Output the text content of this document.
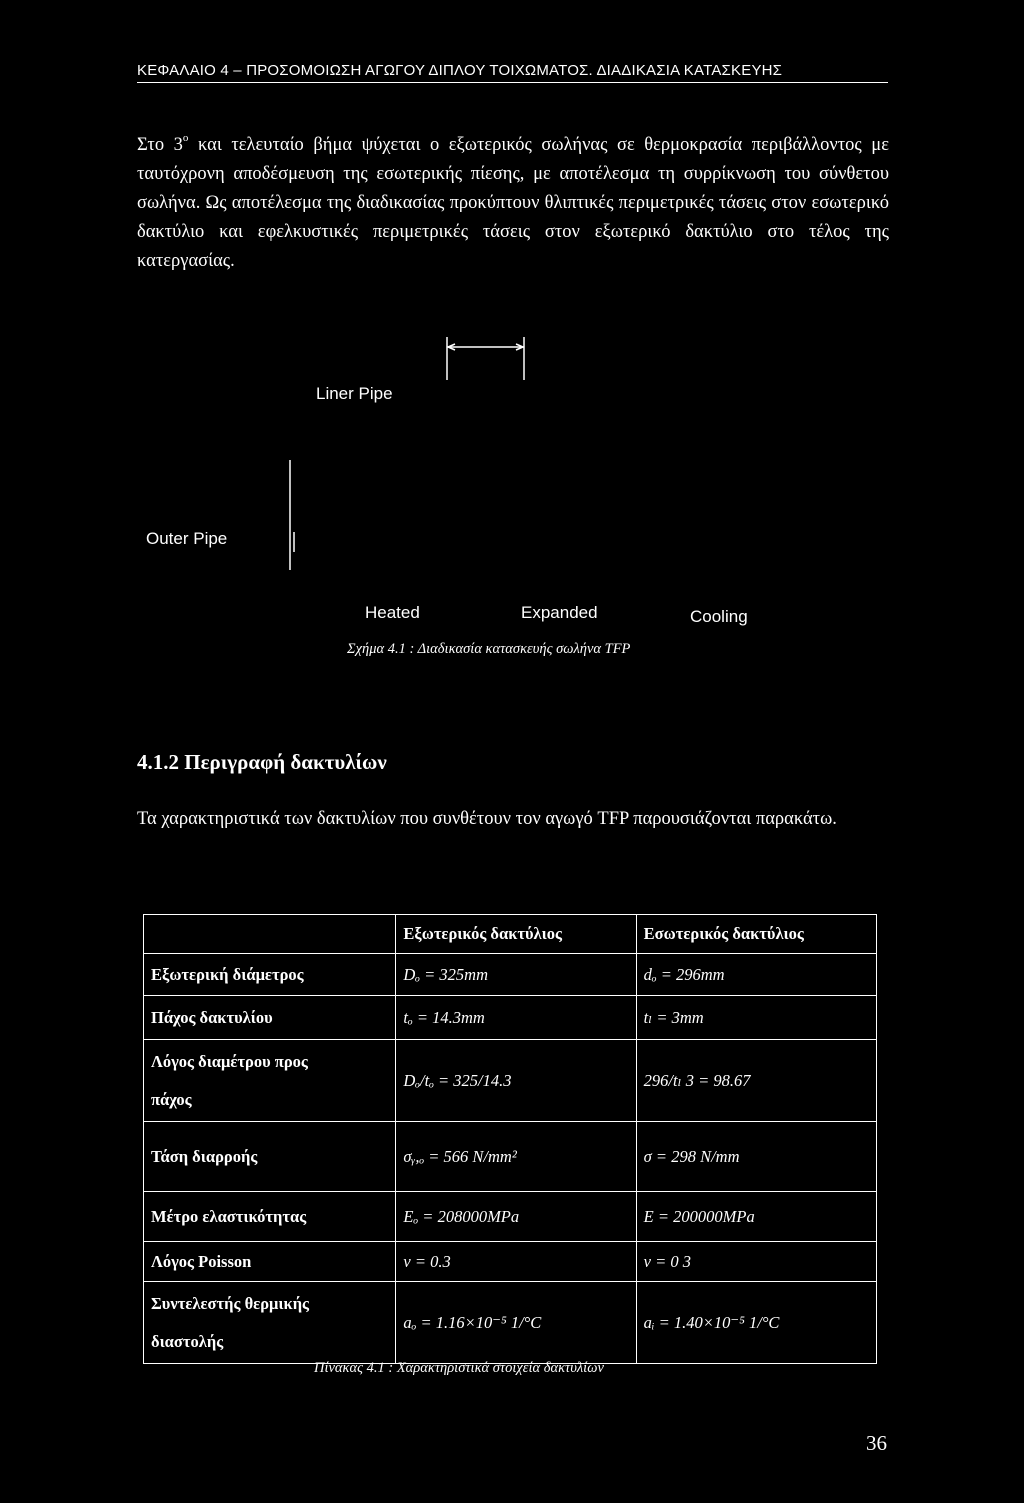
ΚΕΦΑΛΑΙΟ 4 – ΠΡΟΣΟΜΟΙΩΣΗ ΑΓΩΓΟΥ ΔΙΠΛΟΥ ΤΟΙΧΩΜΑΤΟΣ. ΔΙΑΔΙΚΑΣΙΑ ΚΑΤΑΣΚΕΥΗΣ

Στο $3^o$ και τελευταίο βήμα ψύχεται ο εξωτερικός σωλήνας σε θερμοκρασία περιβάλλοντος με ταυτόχρονη αποδέσμευση της εσωτερικής πίεσης, με αποτέλεσμα τη συρρίκνωση του σύνθετου σωλήνα. Ως αποτέλεσμα της διαδικασίας προκύπτουν θλιπτικές περιμετρικές τάσεις στον εσωτερικό δακτύλιο και εφελκυστικές περιμετρικές τάσεις στον εξωτερικό δακτύλιο στο τέλος της κατεργασίας.

Liner Pipe
Outer Pipe
Heated	Expanded	Cooling
Σχήμα 4.1 : Διαδικασία κατασκευής σωλήνα TFP
4.1.2 Περιγραφή δακτυλίων

Τα χαρακτηριστικά των δακτυλίων που συνθέτουν τον αγωγό TFP παρουσιάζονται παρακάτω.

	Εξωτερικός δακτύλιος	Εσωτερικός δακτύλιος

Εξωτερική διάμετρος	Dₒ = 325mm	dₒ = 296mm

Πάχος δακτυλίου	tₒ = 14.3mm	tₗ = 3mm

Λόγος διαμέτρου προς
πάχος	Dₒ/tₒ = 325/14.3	296/tₗ 3 = 98.67

Τάση διαρροής	σᵧ,ₒ = 566 N/mm²	σ = 298 N/mm

Μέτρο ελαστικότητας	Eₒ = 208000MPa	E = 200000MPa

Λόγος Poisson	v = 0.3	v = 0 3

Συντελεστής θερμικής
διαστολής	aₒ = 1.16×10⁻⁵ 1/°C	aᵢ = 1.40×10⁻⁵ 1/°C
Πίνακας 4.1 : Χαρακτηριστικά στοιχεία δακτυλίων
36
